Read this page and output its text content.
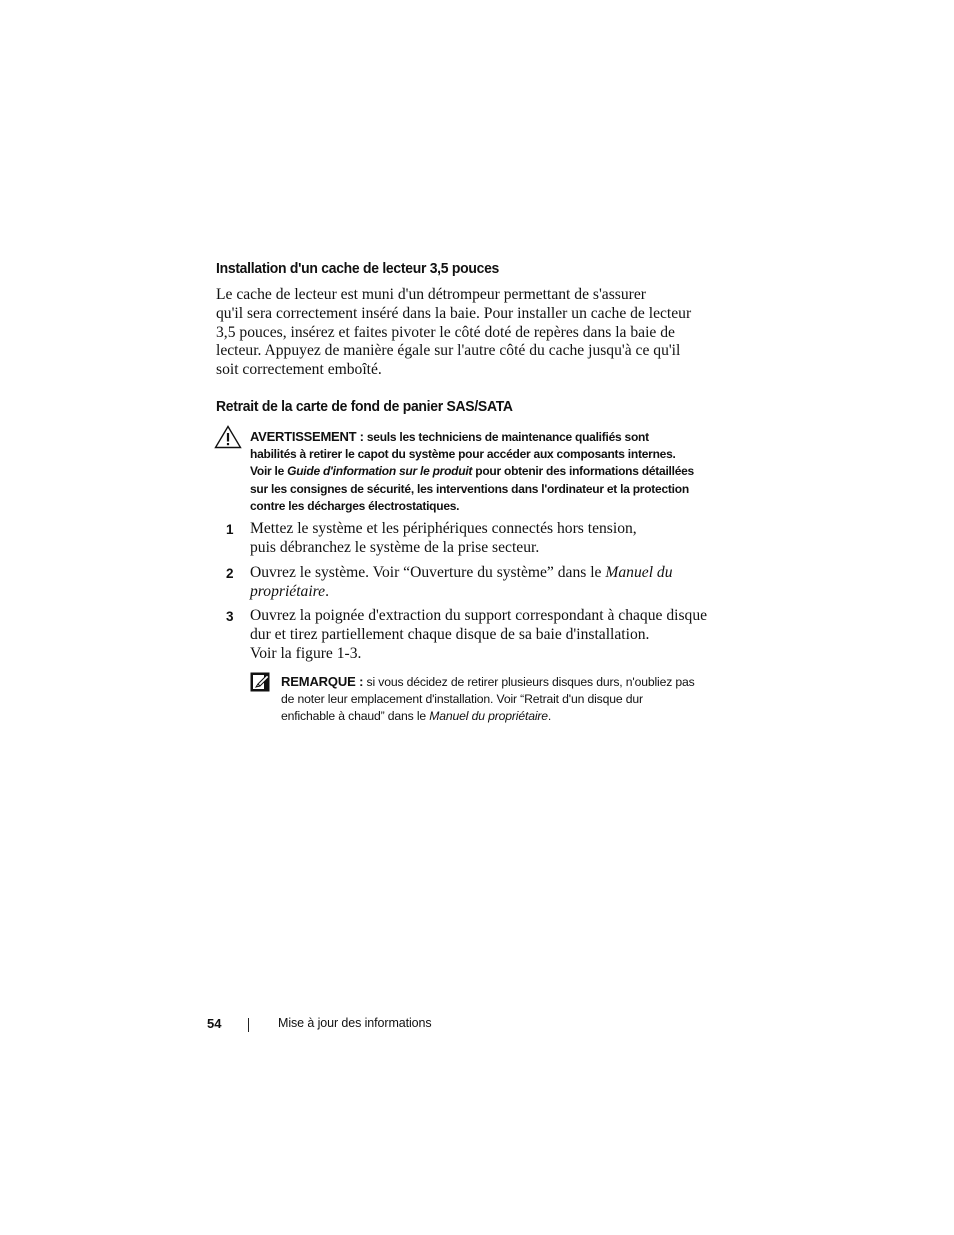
Installation d'un cache de lecteur 3,5 pouces

Le cache de lecteur est muni d'un détrompeur permettant de s'assurer
qu'il sera correctement inséré dans la baie. Pour installer un cache de lecteur
3,5 pouces, insérez et faites pivoter le côté doté de repères dans la baie de
lecteur. Appuyez de manière égale sur l'autre côté du cache jusqu'à ce qu'il
soit correctement emboîté.

Retrait de la carte de fond de panier SAS/SATA

AVERTISSEMENT : seuls les techniciens de maintenance qualifiés sont
habilités à retirer le capot du système pour accéder aux composants internes.
Voir le Guide d'information sur le produit pour obtenir des informations détaillées
sur les consignes de sécurité, les interventions dans l'ordinateur et la protection
contre les décharges électrostatiques.

1 Mettez le système et les périphériques connectés hors tension,
puis débranchez le système de la prise secteur.

2 Ouvrez le système. Voir “Ouverture du système” dans le Manuel du
propriétaire.

3 Ouvrez la poignée d'extraction du support correspondant à chaque disque
dur et tirez partiellement chaque disque de sa baie d'installation.
Voir la figure 1-3.

REMARQUE : si vous décidez de retirer plusieurs disques durs, n'oubliez pas
de noter leur emplacement d'installation. Voir “Retrait d'un disque dur
enfichable à chaud” dans le Manuel du propriétaire.

54	Mise à jour des informations
